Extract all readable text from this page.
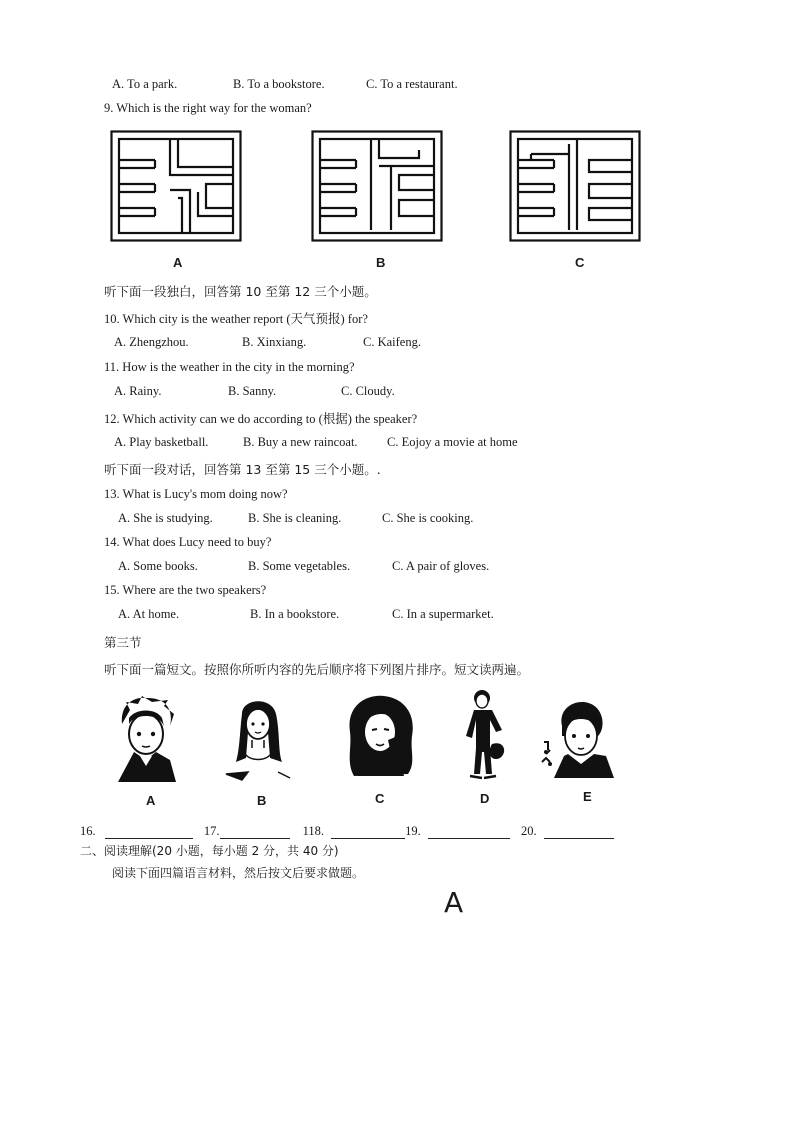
A. To a park.	B. To a bookstore.	C. To a restaurant.
9. Which is the right way for the woman?
A	B	C
听下面一段独白，回答第 10 至第 12 三个小题。
10. Which city is the weather report (天气预报) for?
A. Zhengzhou.	B. Xinxiang.	C. Kaifeng.
11. How is the weather in the city in the morning?
A. Rainy.	B. Sanny.	C. Cloudy.
12. Which activity can we do according to (根据) the speaker?
A. Play basketball.	B. Buy a new raincoat. C. Eojoy a movie at home
听下面一段对话，回答第 13 至第 15 三个小题。.
13. What is Lucy's mom doing now?
A. She is studying.	B. She is cleaning.	C. She is cooking.
14. What does Lucy need to buy?
A. Some books.	B. Some vegetables.	C. A pair of gloves.
15. Where are the two speakers?
A. At home.	B. In a bookstore.	C. In a supermarket.
第三节
听下面一篇短文。按照你所听内容的先后顺序将下列图片排序。短文读两遍。
A	B	C	D	E
16.	17.	118.	19.	20.
二、阅读理解(20 小题，每小题 2 分，共 40 分)
阅读下面四篇语言材料，然后按文后要求做题。
A
